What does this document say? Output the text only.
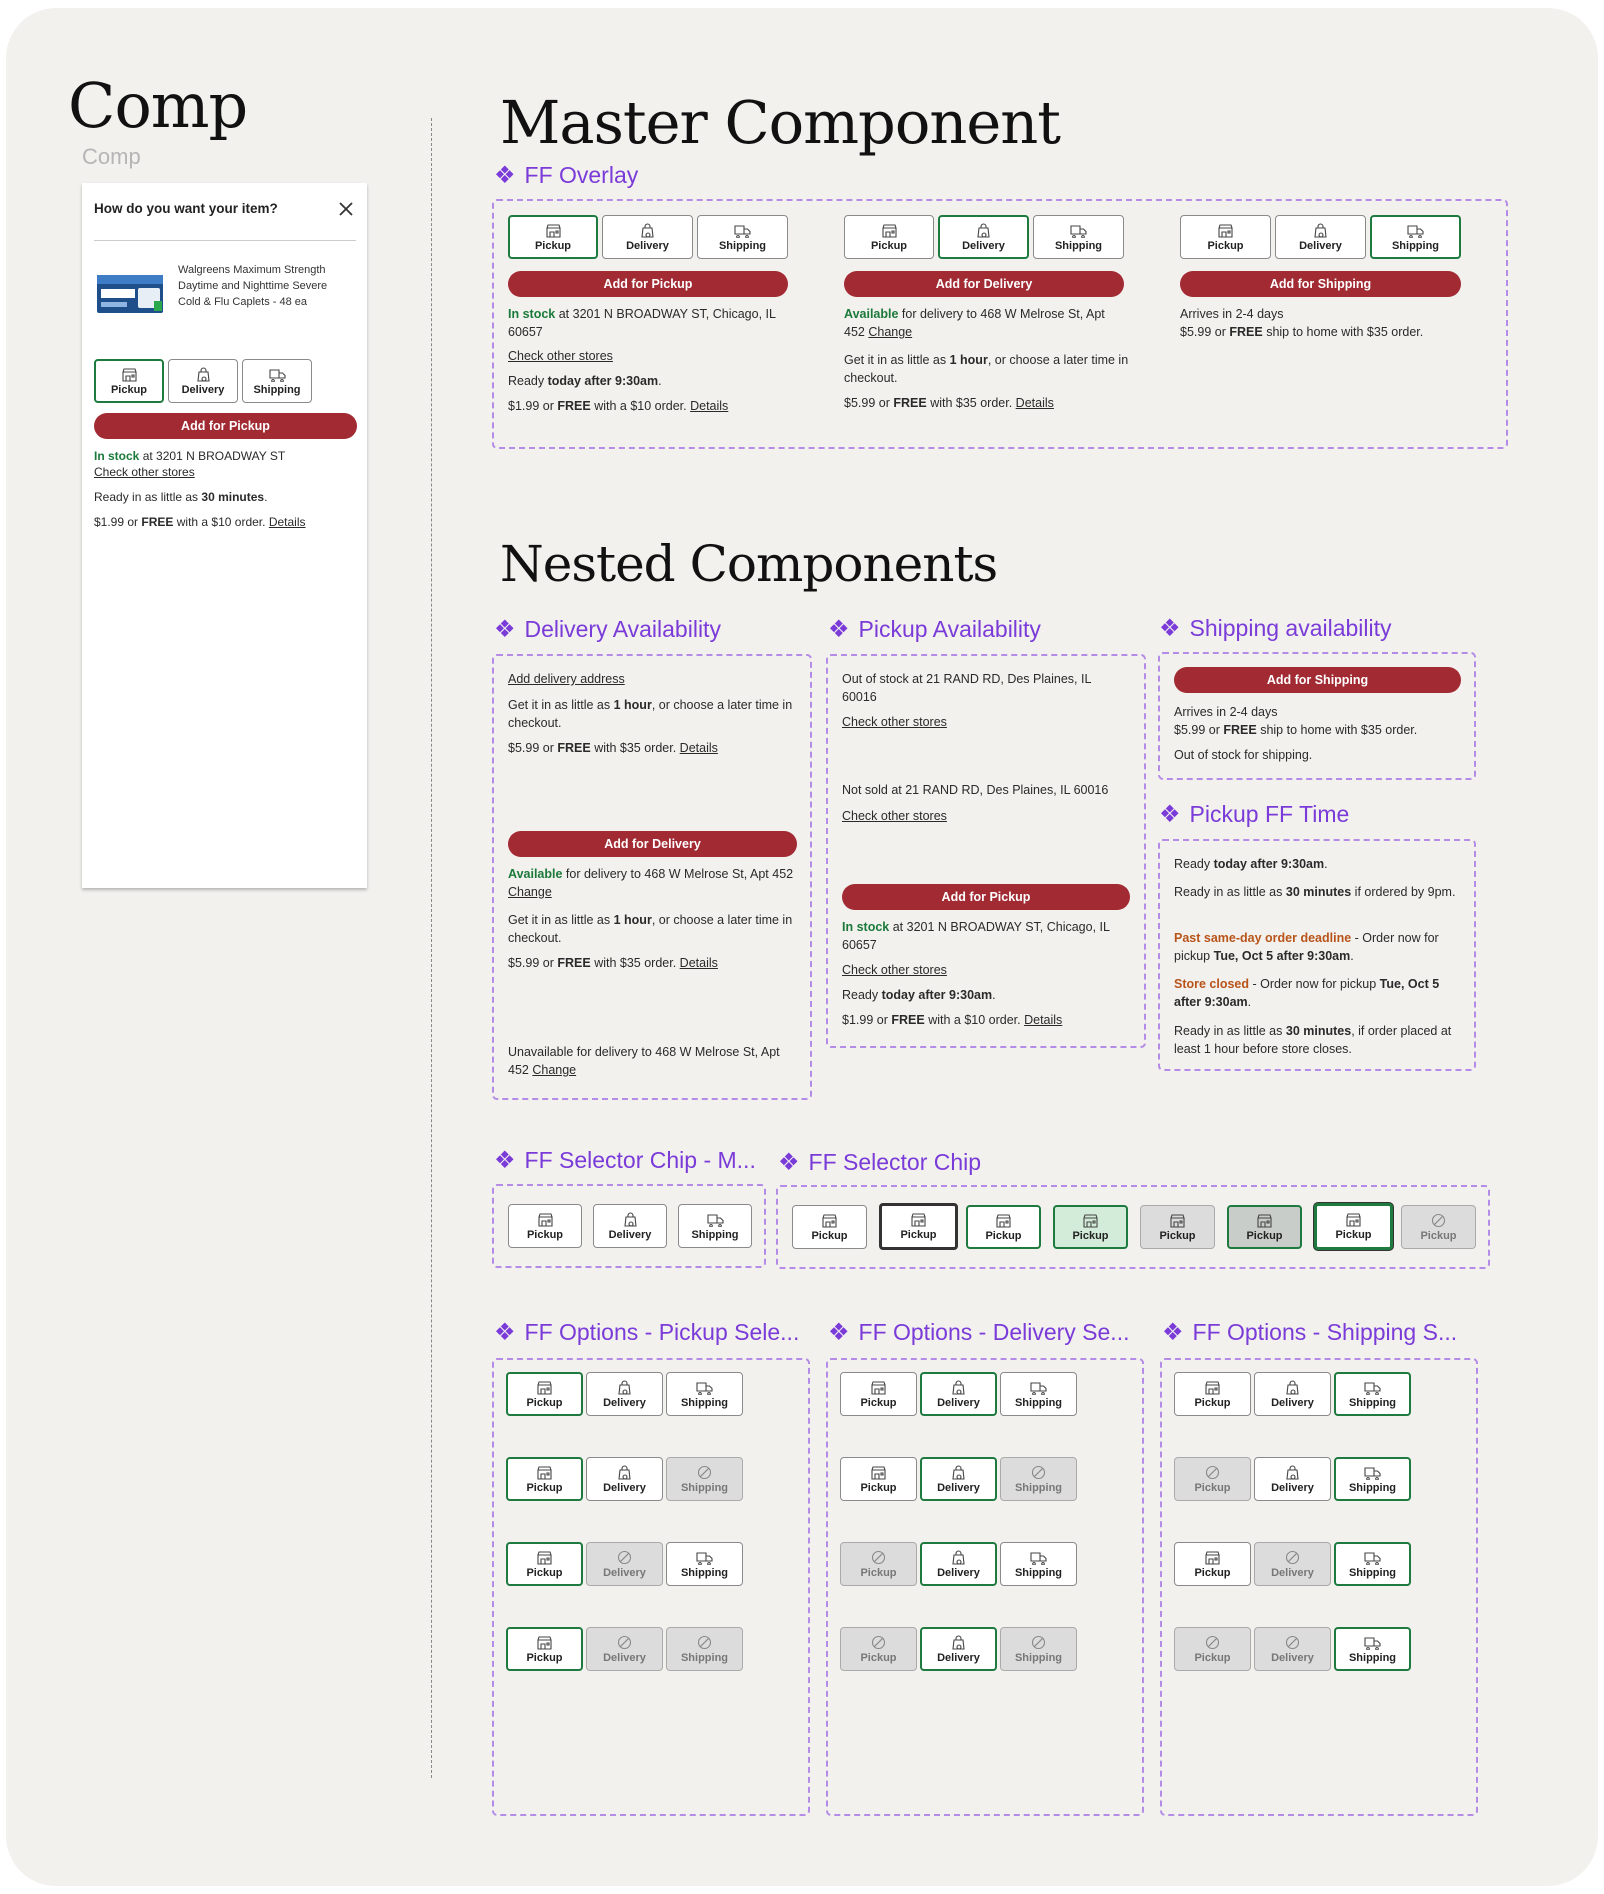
Comp
Comp
How do you want your item?
Walgreens Maximum Strength Daytime and Nighttime Severe Cold & Flu Caplets - 48 ea
Pickup	Delivery	Shipping
Add for Pickup
In stock at 3201 N BROADWAY ST
Check other stores
Ready in as little as 30 minutes.
$1.99 or FREE with a $10 order. Details
Master Component
❖ FF Overlay
Pickup	Delivery	Shipping
Add for Pickup
In stock at 3201 N BROADWAY ST, Chicago, IL 60657
Check other stores
Ready today after 9:30am.
$1.99 or FREE with a $10 order. Details
Pickup	Delivery	Shipping
Add for Delivery
Available for delivery to 468 W Melrose St, Apt 452 Change
Get it in as little as 1 hour, or choose a later time in checkout.
$5.99 or FREE with $35 order. Details
Pickup	Delivery	Shipping
Add for Shipping
Arrives in 2-4 days
$5.99 or FREE ship to home with $35 order.
Nested Components
❖ Delivery Availability	❖ Pickup Availability	❖ Shipping availability
Add delivery address
Get it in as little as 1 hour, or choose a later time in checkout.
$5.99 or FREE with $35 order. Details
Add for Delivery
Available for delivery to 468 W Melrose St, Apt 452 Change
Get it in as little as 1 hour, or choose a later time in checkout.
$5.99 or FREE with $35 order. Details
Unavailable for delivery to 468 W Melrose St, Apt 452 Change
Out of stock at 21 RAND RD, Des Plaines, IL 60016
Check other stores
Not sold at 21 RAND RD, Des Plaines, IL 60016
Check other stores
Add for Pickup
In stock at 3201 N BROADWAY ST, Chicago, IL 60657
Check other stores
Ready today after 9:30am.
$1.99 or FREE with a $10 order. Details
Add for Shipping
Arrives in 2-4 days
$5.99 or FREE ship to home with $35 order.
Out of stock for shipping.
❖ Pickup FF Time
Ready today after 9:30am.
Ready in as little as 30 minutes if ordered by 9pm.
Past same-day order deadline - Order now for pickup Tue, Oct 5 after 9:30am.
Store closed - Order now for pickup Tue, Oct 5 after 9:30am.
Ready in as little as 30 minutes, if order placed at least 1 hour before store closes.
❖ FF Selector Chip - M...
Pickup	Delivery	Shipping
❖ FF Selector Chip
Pickup	Pickup	Pickup	Pickup	Pickup	Pickup	Pickup	Pickup
❖ FF Options - Pickup Sele... ❖ FF Options - Delivery Se... ❖ FF Options - Shipping S...
Pickup	Delivery	Shipping
Pickup	Delivery	Shipping
Pickup	Delivery	Shipping
Pickup	Delivery	Shipping
Pickup	Delivery	Shipping
Pickup	Delivery	Shipping
Pickup	Delivery	Shipping
Pickup	Delivery	Shipping
Pickup	Delivery	Shipping
Pickup	Delivery	Shipping
Pickup	Delivery	Shipping
Pickup	Delivery	Shipping
